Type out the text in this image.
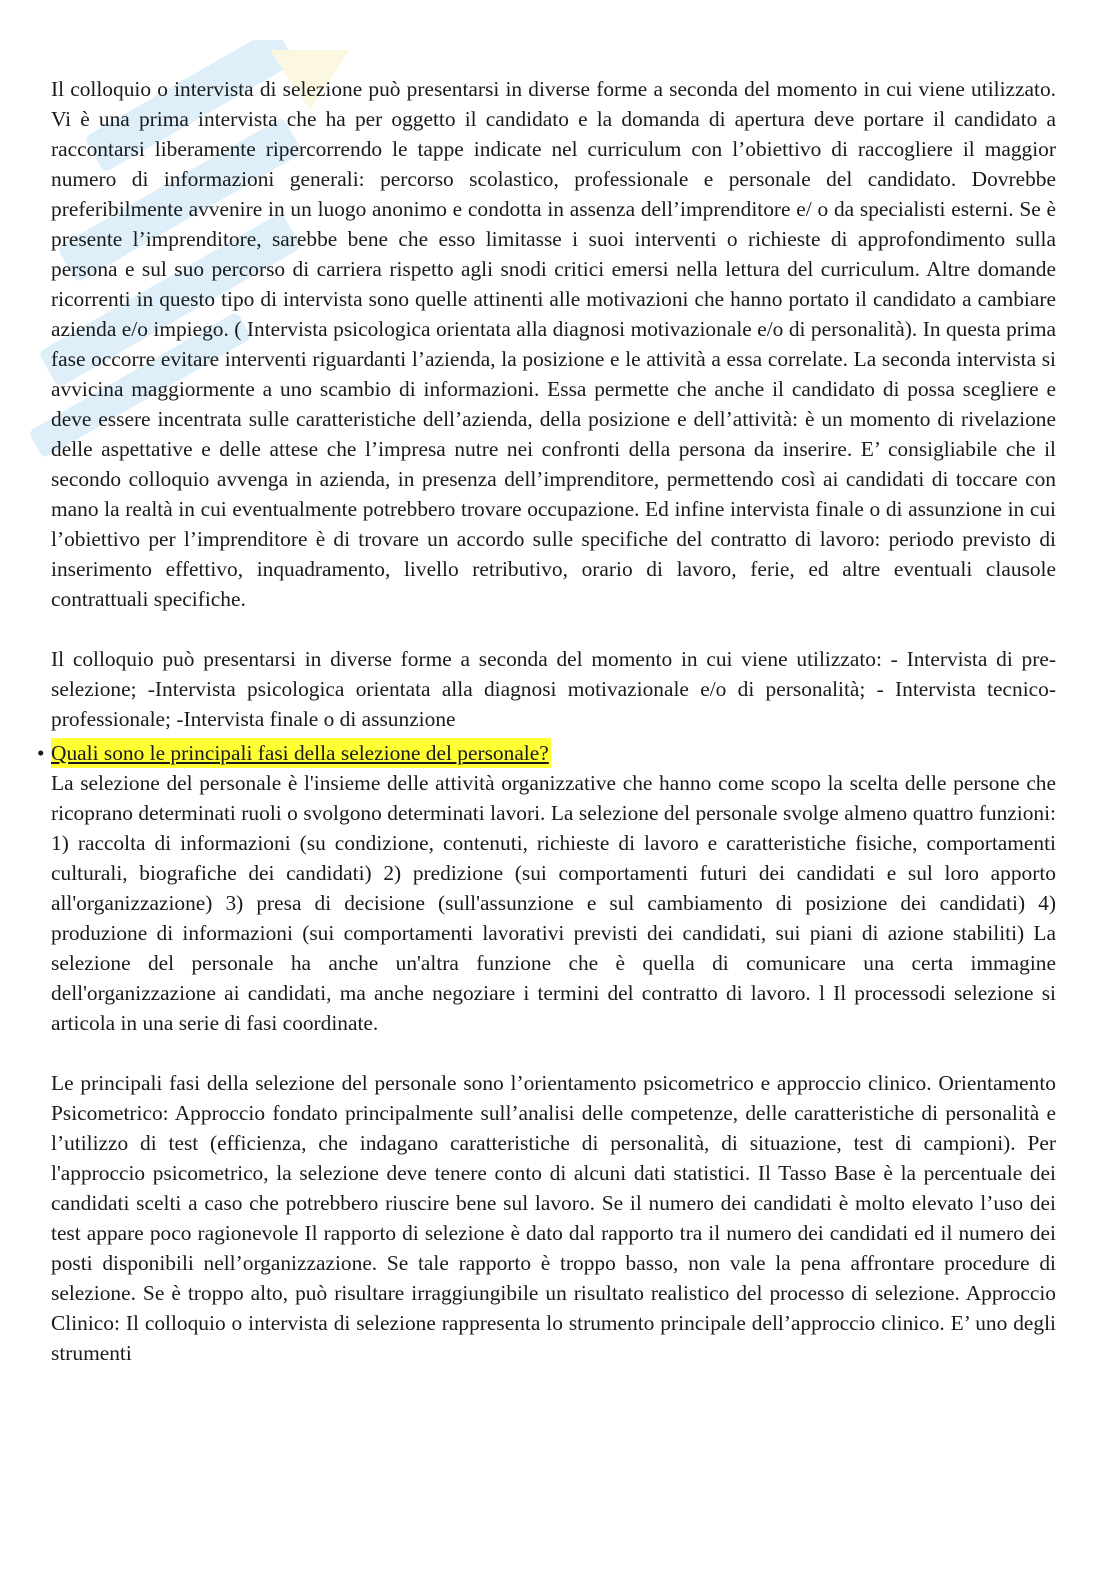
Il colloquio o intervista di selezione può presentarsi in diverse forme a seconda del momento in cui viene utilizzato. Vi è una prima intervista che ha per oggetto il candidato e la domanda di apertura deve portare il candidato a raccontarsi liberamente ripercorrendo le tappe indicate nel curriculum con l’obiettivo di raccogliere il maggior numero di informazioni generali: percorso scolastico, professionale e personale del candidato. Dovrebbe preferibilmente avvenire in un luogo anonimo e condotta in assenza dell’imprenditore e/ o da specialisti esterni. Se è presente l’imprenditore, sarebbe bene che esso limitasse i suoi interventi o richieste di approfondimento sulla persona e sul suo percorso di carriera rispetto agli snodi critici emersi nella lettura del curriculum. Altre domande ricorrenti in questo tipo di intervista sono quelle attinenti alle motivazioni che hanno portato il candidato a cambiare azienda e/o impiego. ( Intervista psicologica orientata alla diagnosi motivazionale e/o di personalità). In questa prima fase occorre evitare interventi riguardanti l’azienda, la posizione e le attività a essa correlate. La seconda intervista si avvicina maggiormente a uno scambio di informazioni. Essa permette che anche il candidato di possa scegliere e deve essere incentrata sulle caratteristiche dell’azienda, della posizione e dell’attività: è un momento di rivelazione delle aspettative e delle attese che l’impresa nutre nei confronti della persona da inserire. E’ consigliabile che il secondo colloquio avvenga in azienda, in presenza dell’imprenditore, permettendo così ai candidati di toccare con mano la realtà in cui eventualmente potrebbero trovare occupazione. Ed infine intervista finale o di assunzione in cui l’obiettivo per l’imprenditore è di trovare un accordo sulle specifiche del contratto di lavoro: periodo previsto di inserimento effettivo, inquadramento, livello retributivo, orario di lavoro, ferie, ed altre eventuali clausole contrattuali specifiche.

Il colloquio può presentarsi in diverse forme a seconda del momento in cui viene utilizzato: - Intervista di pre-selezione; -Intervista psicologica orientata alla diagnosi motivazionale e/o di personalità; - Intervista tecnico-professionale; -Intervista finale o di assunzione

• Quali sono le principali fasi della selezione del personale?

La selezione del personale è l'insieme delle attività organizzative che hanno come scopo la scelta delle persone che ricoprano determinati ruoli o svolgono determinati lavori. La selezione del personale svolge almeno quattro funzioni: 1) raccolta di informazioni (su condizione, contenuti, richieste di lavoro e caratteristiche fisiche, comportamenti culturali, biografiche dei candidati) 2) predizione (sui comportamenti futuri dei candidati e sul loro apporto all'organizzazione) 3) presa di decisione (sull'assunzione e sul cambiamento di posizione dei candidati) 4) produzione di informazioni (sui comportamenti lavorativi previsti dei candidati, sui piani di azione stabiliti) La selezione del personale ha anche un'altra funzione che è quella di comunicare una certa immagine dell'organizzazione ai candidati, ma anche negoziare i termini del contratto di lavoro. l Il processodi selezione si articola in una serie di fasi coordinate.

Le principali fasi della selezione del personale sono l’orientamento psicometrico e approccio clinico. Orientamento Psicometrico: Approccio fondato principalmente sull’analisi delle competenze, delle caratteristiche di personalità e l’utilizzo di test (efficienza, che indagano caratteristiche di personalità, di situazione, test di campioni). Per l'approccio psicometrico, la selezione deve tenere conto di alcuni dati statistici. Il Tasso Base è la percentuale dei candidati scelti a caso che potrebbero riuscire bene sul lavoro. Se il numero dei candidati è molto elevato l’uso dei test appare poco ragionevole Il rapporto di selezione è dato dal rapporto tra il numero dei candidati ed il numero dei posti disponibili nell’organizzazione. Se tale rapporto è troppo basso, non vale la pena affrontare procedure di selezione. Se è troppo alto, può risultare irraggiungibile un risultato realistico del processo di selezione. Approccio Clinico: Il colloquio o intervista di selezione rappresenta lo strumento principale dell’approccio clinico. E’ uno degli strumenti
